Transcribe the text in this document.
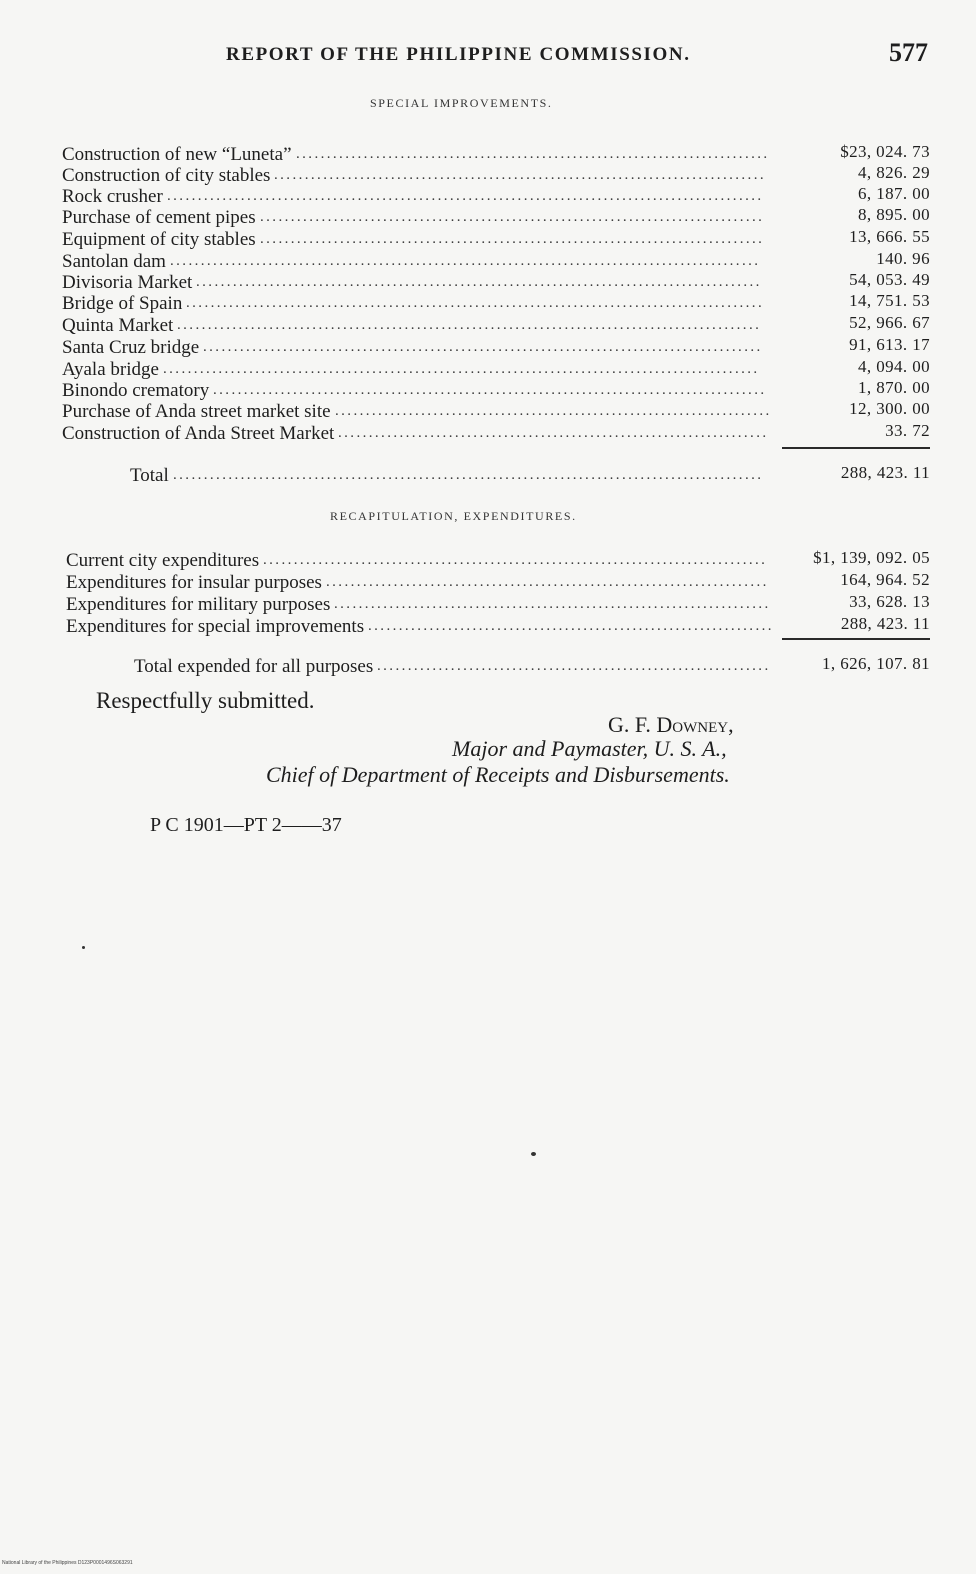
REPORT OF THE PHILIPPINE COMMISSION.	577
SPECIAL IMPROVEMENTS.
Construction of new “Luneta” .............................................................................	$23, 024. 73
Construction of city stables ................................................................................	4, 826. 29
Rock crusher .................................................................................................	6, 187. 00
Purchase of cement pipes ..................................................................................	8, 895. 00
Equipment of city stables ..................................................................................	13, 666. 55
Santolan dam ................................................................................................	140. 96
Divisoria Market ............................................................................................	54, 053. 49
Bridge of Spain ..............................................................................................	14, 751. 53
Quinta Market ...............................................................................................	52, 966. 67
Santa Cruz bridge ...........................................................................................	91, 613. 17
Ayala bridge .................................................................................................	4, 094. 00
Binondo crematory ..........................................................................................	1, 870. 00
Purchase of Anda street market site .......................................................................	12, 300. 00
Construction of Anda Street Market ......................................................................	33. 72
Total ................................................................................................	288, 423. 11
RECAPITULATION, EXPENDITURES.
Current city expenditures ..................................................................................	$1, 139, 092. 05
Expenditures for insular purposes ........................................................................	164, 964. 52
Expenditures for military purposes .......................................................................	33, 628. 13
Expenditures for special improvements ..................................................................	288, 423. 11
Total expended for all purposes ................................................................	1, 626, 107. 81
Respectfully submitted.
G. F. Downey,
Major and Paymaster, U. S. A.,
Chief of Department of Receipts and Disbursements.
P C 1901—PT 2——37
National Library of the Philippines D123P0001496S063291
